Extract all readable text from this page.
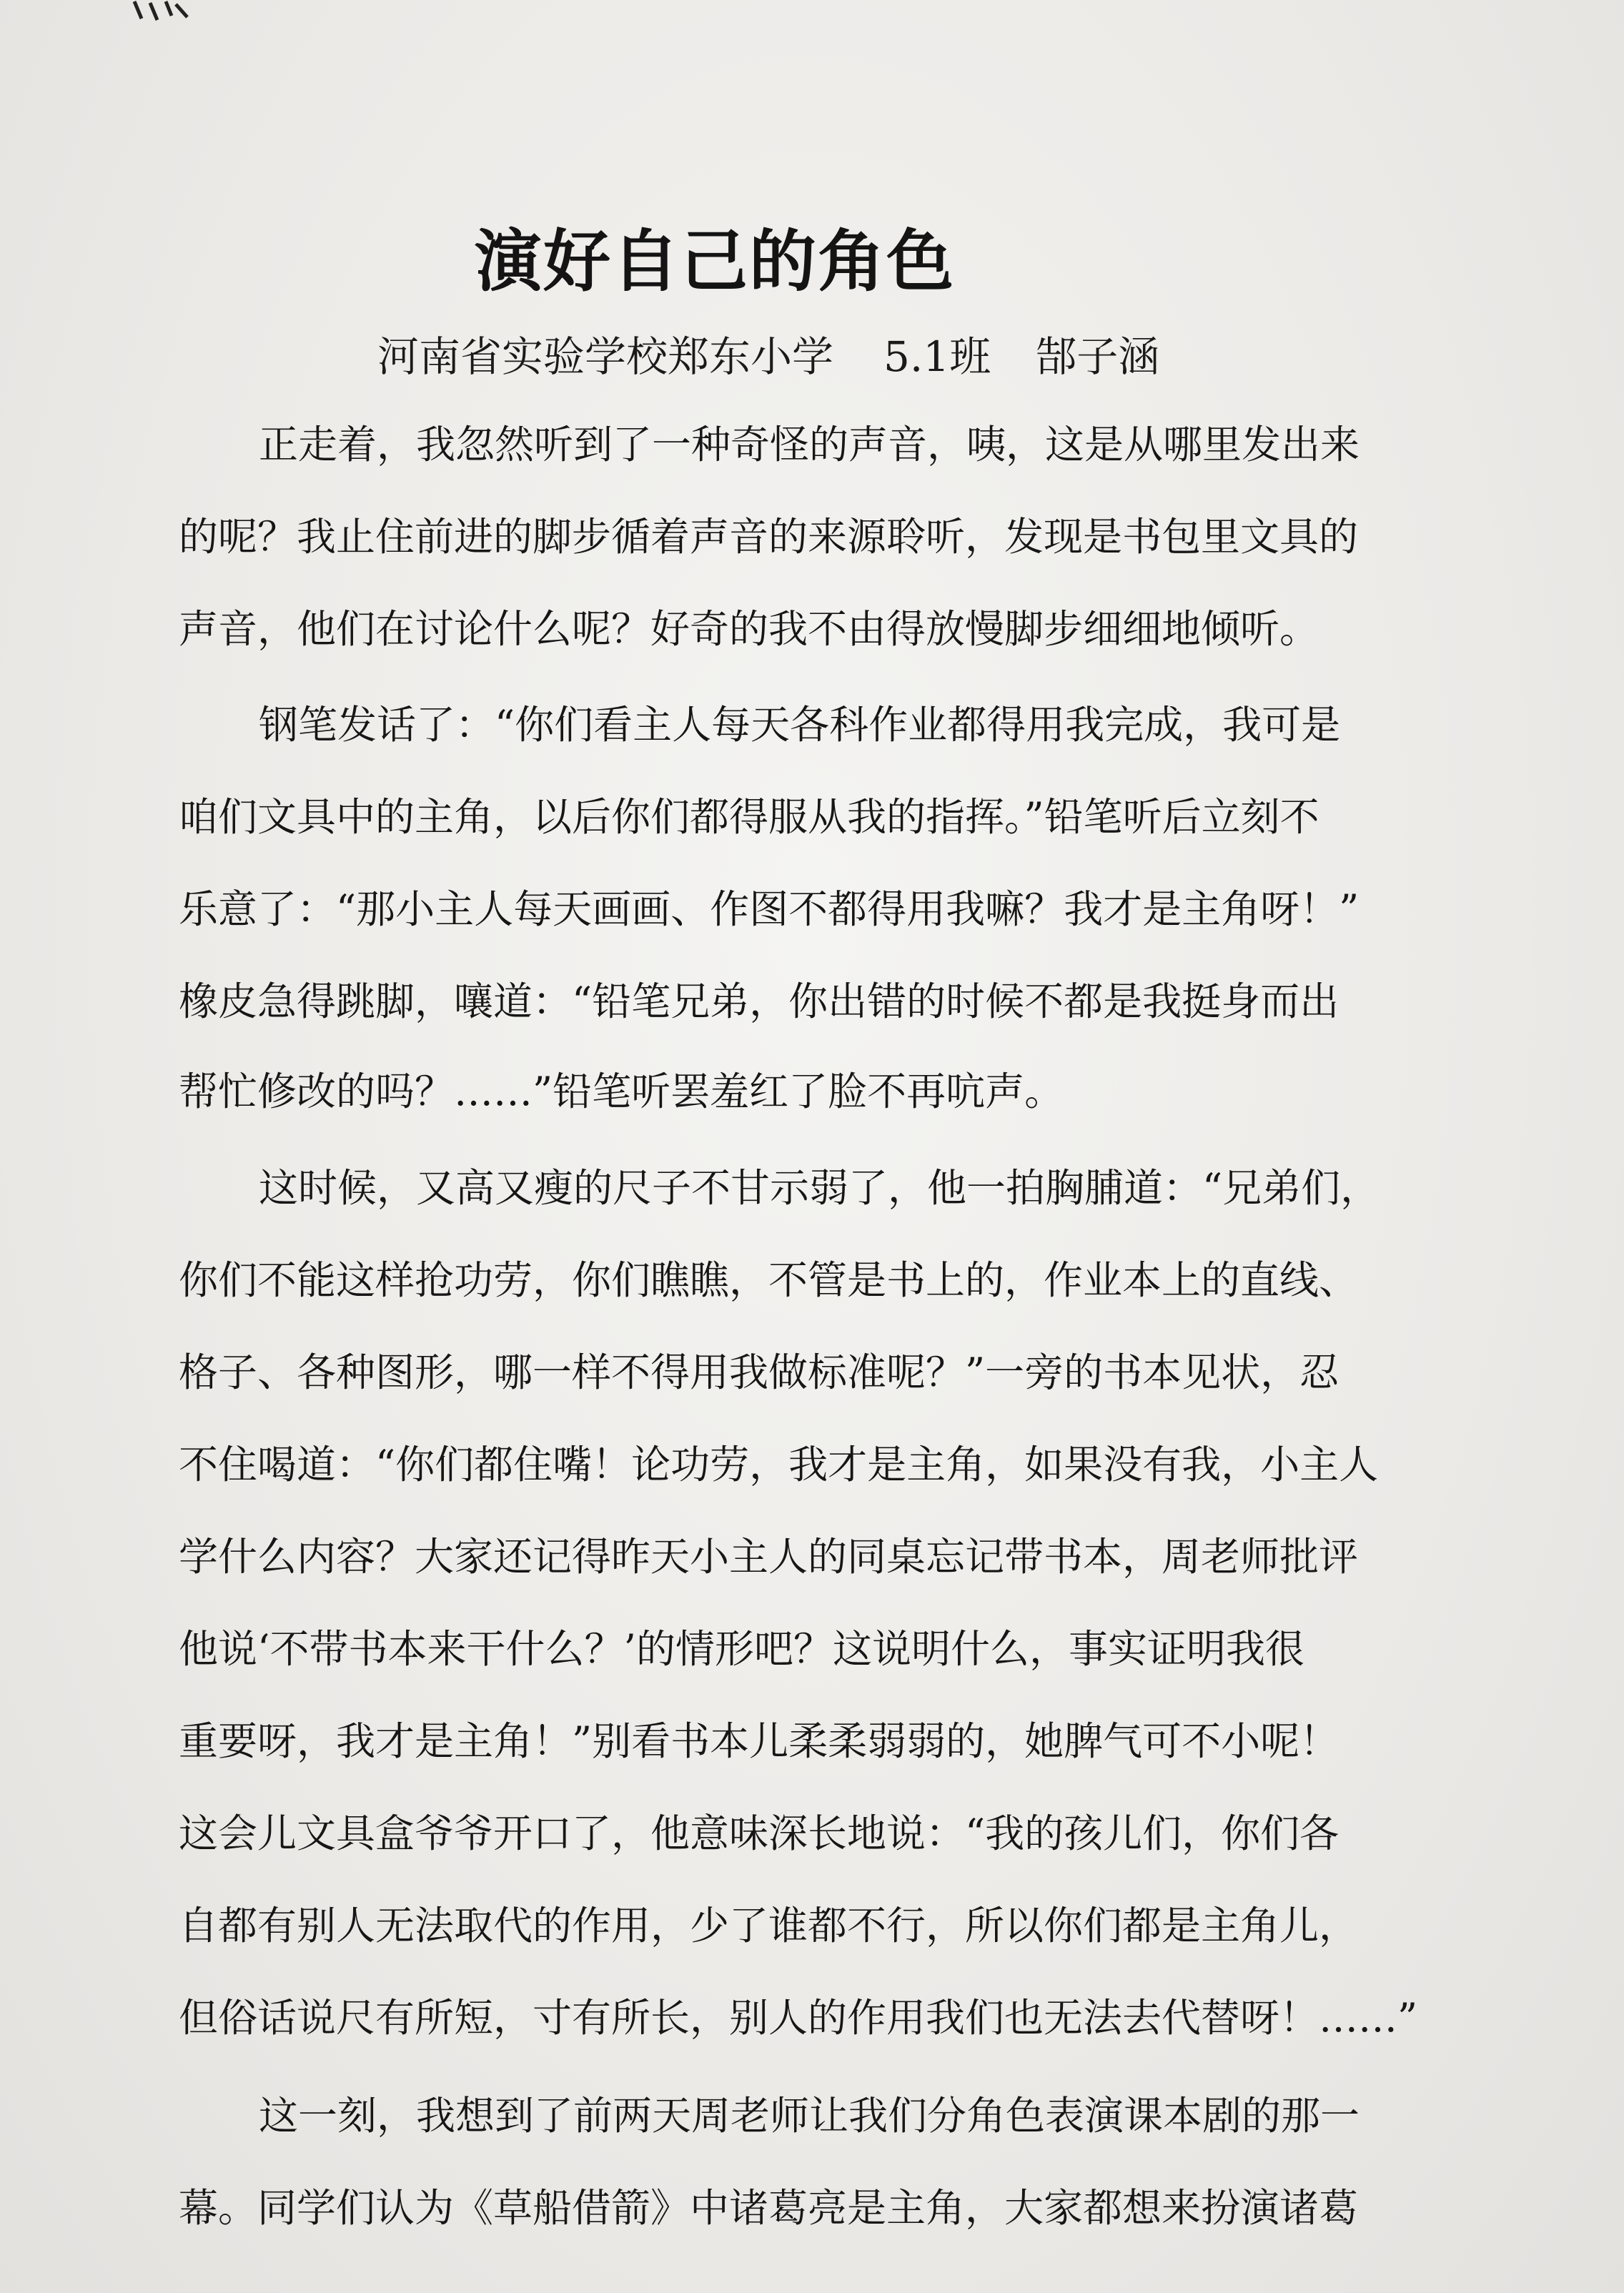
演好自己的角色
河南省实验学校郑东小学 5.1班 郜子涵
正走着，我忽然听到了一种奇怪的声音，咦，这是从哪里发出来
的呢？我止住前进的脚步循着声音的来源聆听，发现是书包里文具的
声音，他们在讨论什么呢？好奇的我不由得放慢脚步细细地倾听。
钢笔发话了：“你们看主人每天各科作业都得用我完成，我可是
咱们文具中的主角，以后你们都得服从我的指挥。”铅笔听后立刻不
乐意了：“那小主人每天画画、作图不都得用我嘛？我才是主角呀！”
橡皮急得跳脚，嚷道：“铅笔兄弟，你出错的时候不都是我挺身而出
帮忙修改的吗？……”铅笔听罢羞红了脸不再吭声。
这时候，又高又瘦的尺子不甘示弱了，他一拍胸脯道：“兄弟们，
你们不能这样抢功劳，你们瞧瞧，不管是书上的，作业本上的直线、
格子、各种图形，哪一样不得用我做标准呢？”一旁的书本见状，忍
不住喝道：“你们都住嘴！论功劳，我才是主角，如果没有我，小主人
学什么内容？大家还记得昨天小主人的同桌忘记带书本，周老师批评
他说‘不带书本来干什么？’的情形吧？这说明什么，事实证明我很
重要呀，我才是主角！”别看书本儿柔柔弱弱的，她脾气可不小呢！
这会儿文具盒爷爷开口了，他意味深长地说：“我的孩儿们，你们各
自都有别人无法取代的作用，少了谁都不行，所以你们都是主角儿，
但俗话说尺有所短，寸有所长，别人的作用我们也无法去代替呀！……”
这一刻，我想到了前两天周老师让我们分角色表演课本剧的那一
幕。同学们认为《草船借箭》中诸葛亮是主角，大家都想来扮演诸葛
